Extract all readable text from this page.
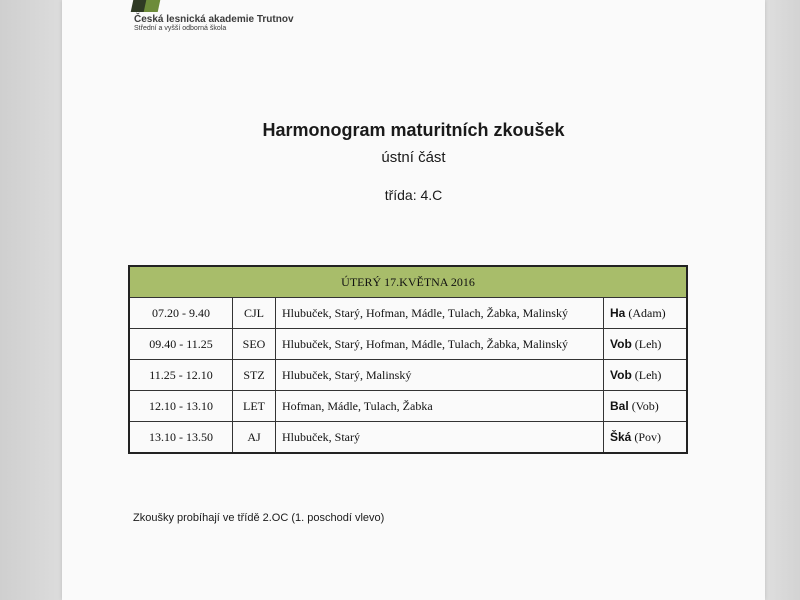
Česká lesnická akademie Trutnov
Střední a vyšší odborná škola
Harmonogram maturitních zkoušek
ústní část
třída: 4.C
ÚTERÝ 17.KVĚTNA 2016			
07.20 - 9.40	CJL	Hlubuček, Starý, Hofman, Mádle, Tulach, Žabka, Malinský	Ha (Adam)
09.40 - 11.25	SEO	Hlubuček, Starý, Hofman, Mádle, Tulach, Žabka, Malinský	Vob (Leh)
11.25 - 12.10	STZ	Hlubuček, Starý, Malinský	Vob (Leh)
12.10 - 13.10	LET	Hofman, Mádle, Tulach, Žabka	Bal (Vob)
13.10 - 13.50	AJ	Hlubuček, Starý	Šká (Pov)
Zkoušky probíhají ve třídě 2.OC (1. poschodí vlevo)
